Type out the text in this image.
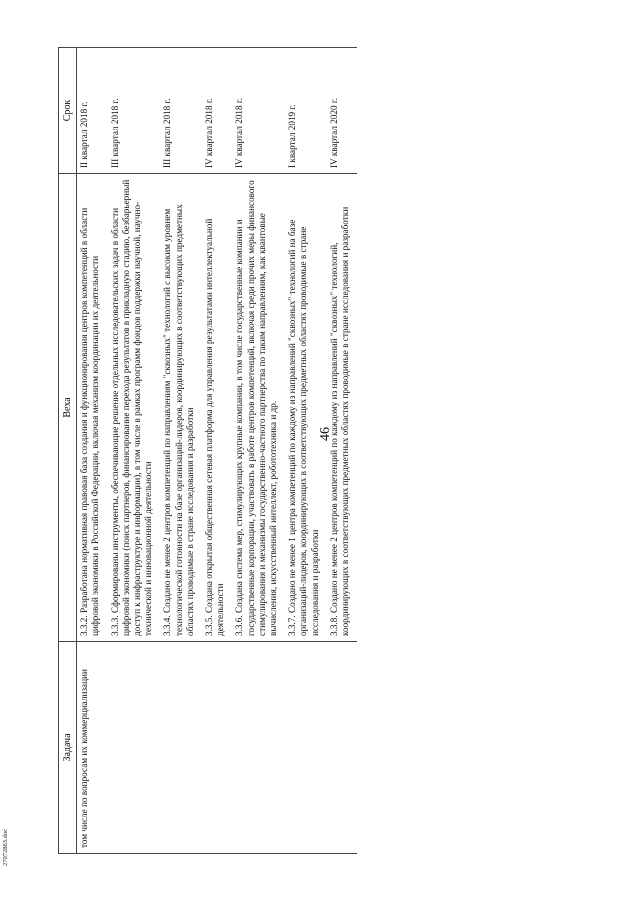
46
Задача	Веха	Срок
том числе по вопросам их коммерциализации	3.3.2. Разработана нормативная правовая база создания и функционирования центров компетенций в области цифровой экономики в Российской Федерации, включая механизм координации их деятельности	II квартал 2018 г.
	3.3.3. Сформированы инструменты, обеспечивающие решение отдельных исследовательских задач в области цифровой экономики (поиск партнеров, финансирование перехода результатов в прикладную стадию, безбарьерный доступ к инфраструктуре и информации), в том числе в рамках программ фондов поддержки научной, научно-технической и инновационной деятельности	III квартал 2018 г.
	3.3.4. Создано не менее 2 центров компетенций по направлениям "сквозных" технологий с высоким уровнем технологической готовности на базе организаций-лидеров, координирующих в соответствующих предметных областях проводимые в стране исследования и разработки	III квартал 2018 г.
	3.3.5. Создана открытая общественная сетевая платформа для управления результатами интеллектуальной деятельности	IV квартал 2018 г.
	3.3.6. Создана система мер, стимулирующих крупные компании, в том числе государственные компании и государственные корпорации, участвовать в работе центров компетенций, включая среди прочих меры финансового стимулирования и механизмы государственно-частного партнерства по таким направлениям, как квантовые вычисления, искусственный интеллект, робототехника и др.	IV квартал 2018 г.
	3.3.7. Создано не менее 1 центра компетенций по каждому из направлений "сквозных" технологий на базе организаций-лидеров, координирующих в соответствующих предметных областях проводимые в стране исследования и разработки	I квартал 2019 г.
	3.3.8. Создано не менее 2 центров компетенций по каждому из направлений "сквозных" технологий, координирующих в соответствующих предметных областях проводимые в стране исследования и разработки	IV квартал 2020 г.
27072863.doc
